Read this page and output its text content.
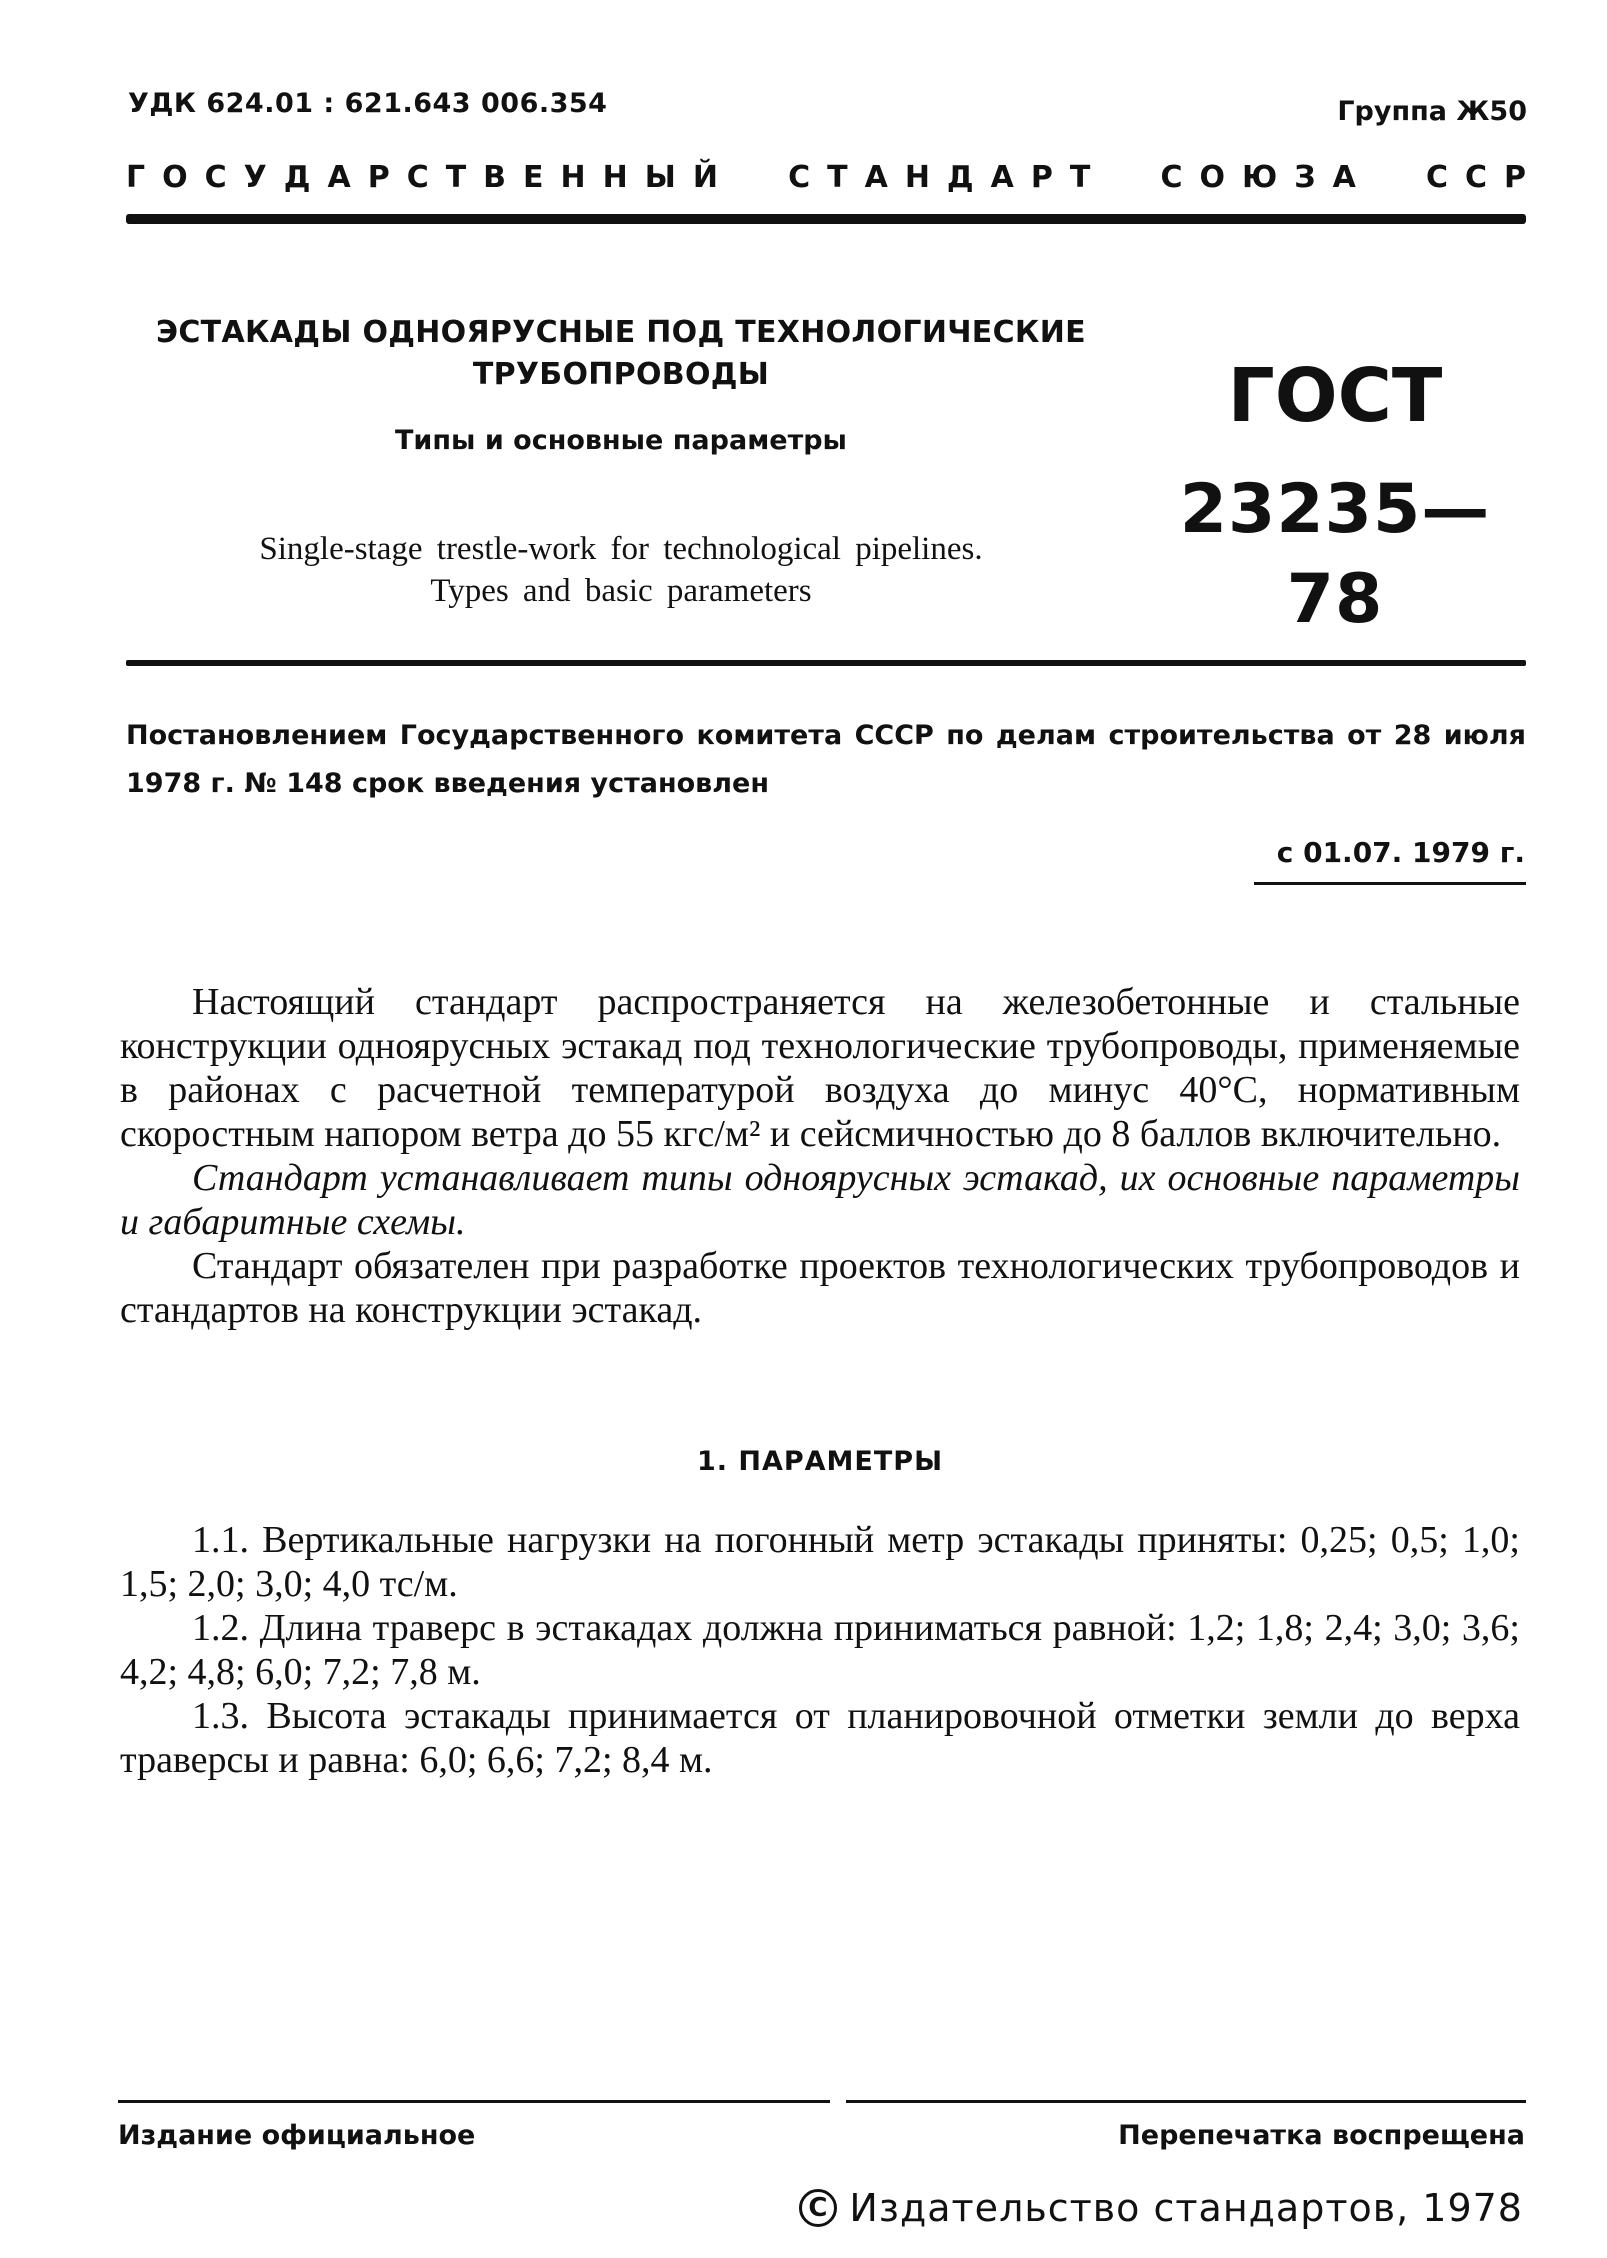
УДК 624.01 : 621.643 006.354	Группа Ж50
ГОСУДАРСТВЕННЫЙ СТАНДАРТ СОЮЗА ССР
ЭСТАКАДЫ ОДНОЯРУСНЫЕ ПОД ТЕХНОЛОГИЧЕСКИЕ
ТРУБОПРОВОДЫ
Типы и основные параметры
Single-stage trestle-work for technological pipelines.
Types and basic parameters
ГОСТ
23235—78
Постановлением Государственного комитета СССР по делам строительства от 28 июля 1978 г. № 148 срок введения установлен
с 01.07. 1979 г.

Настоящий стандарт распространяется на железобетонные и стальные конструкции одноярусных эстакад под технологические трубопроводы, применяемые в районах с расчетной температурой воздуха до минус 40°С, нормативным скоростным напором ветра до 55 кгс/м² и сейсмичностью до 8 баллов включительно.

Стандарт устанавливает типы одноярусных эстакад, их основные параметры и габаритные схемы.

Стандарт обязателен при разработке проектов технологических трубопроводов и стандартов на конструкции эстакад.

1. ПАРАМЕТРЫ

1.1. Вертикальные нагрузки на погонный метр эстакады приняты: 0,25; 0,5; 1,0; 1,5; 2,0; 3,0; 4,0 тс/м.

1.2. Длина траверс в эстакадах должна приниматься равной: 1,2; 1,8; 2,4; 3,0; 3,6; 4,2; 4,8; 6,0; 7,2; 7,8 м.

1.3. Высота эстакады принимается от планировочной отметки земли до верха траверсы и равна: 6,0; 6,6; 7,2; 8,4 м.

Издание официальное	Перепечатка воспрещена
C Издательство стандартов, 1978
